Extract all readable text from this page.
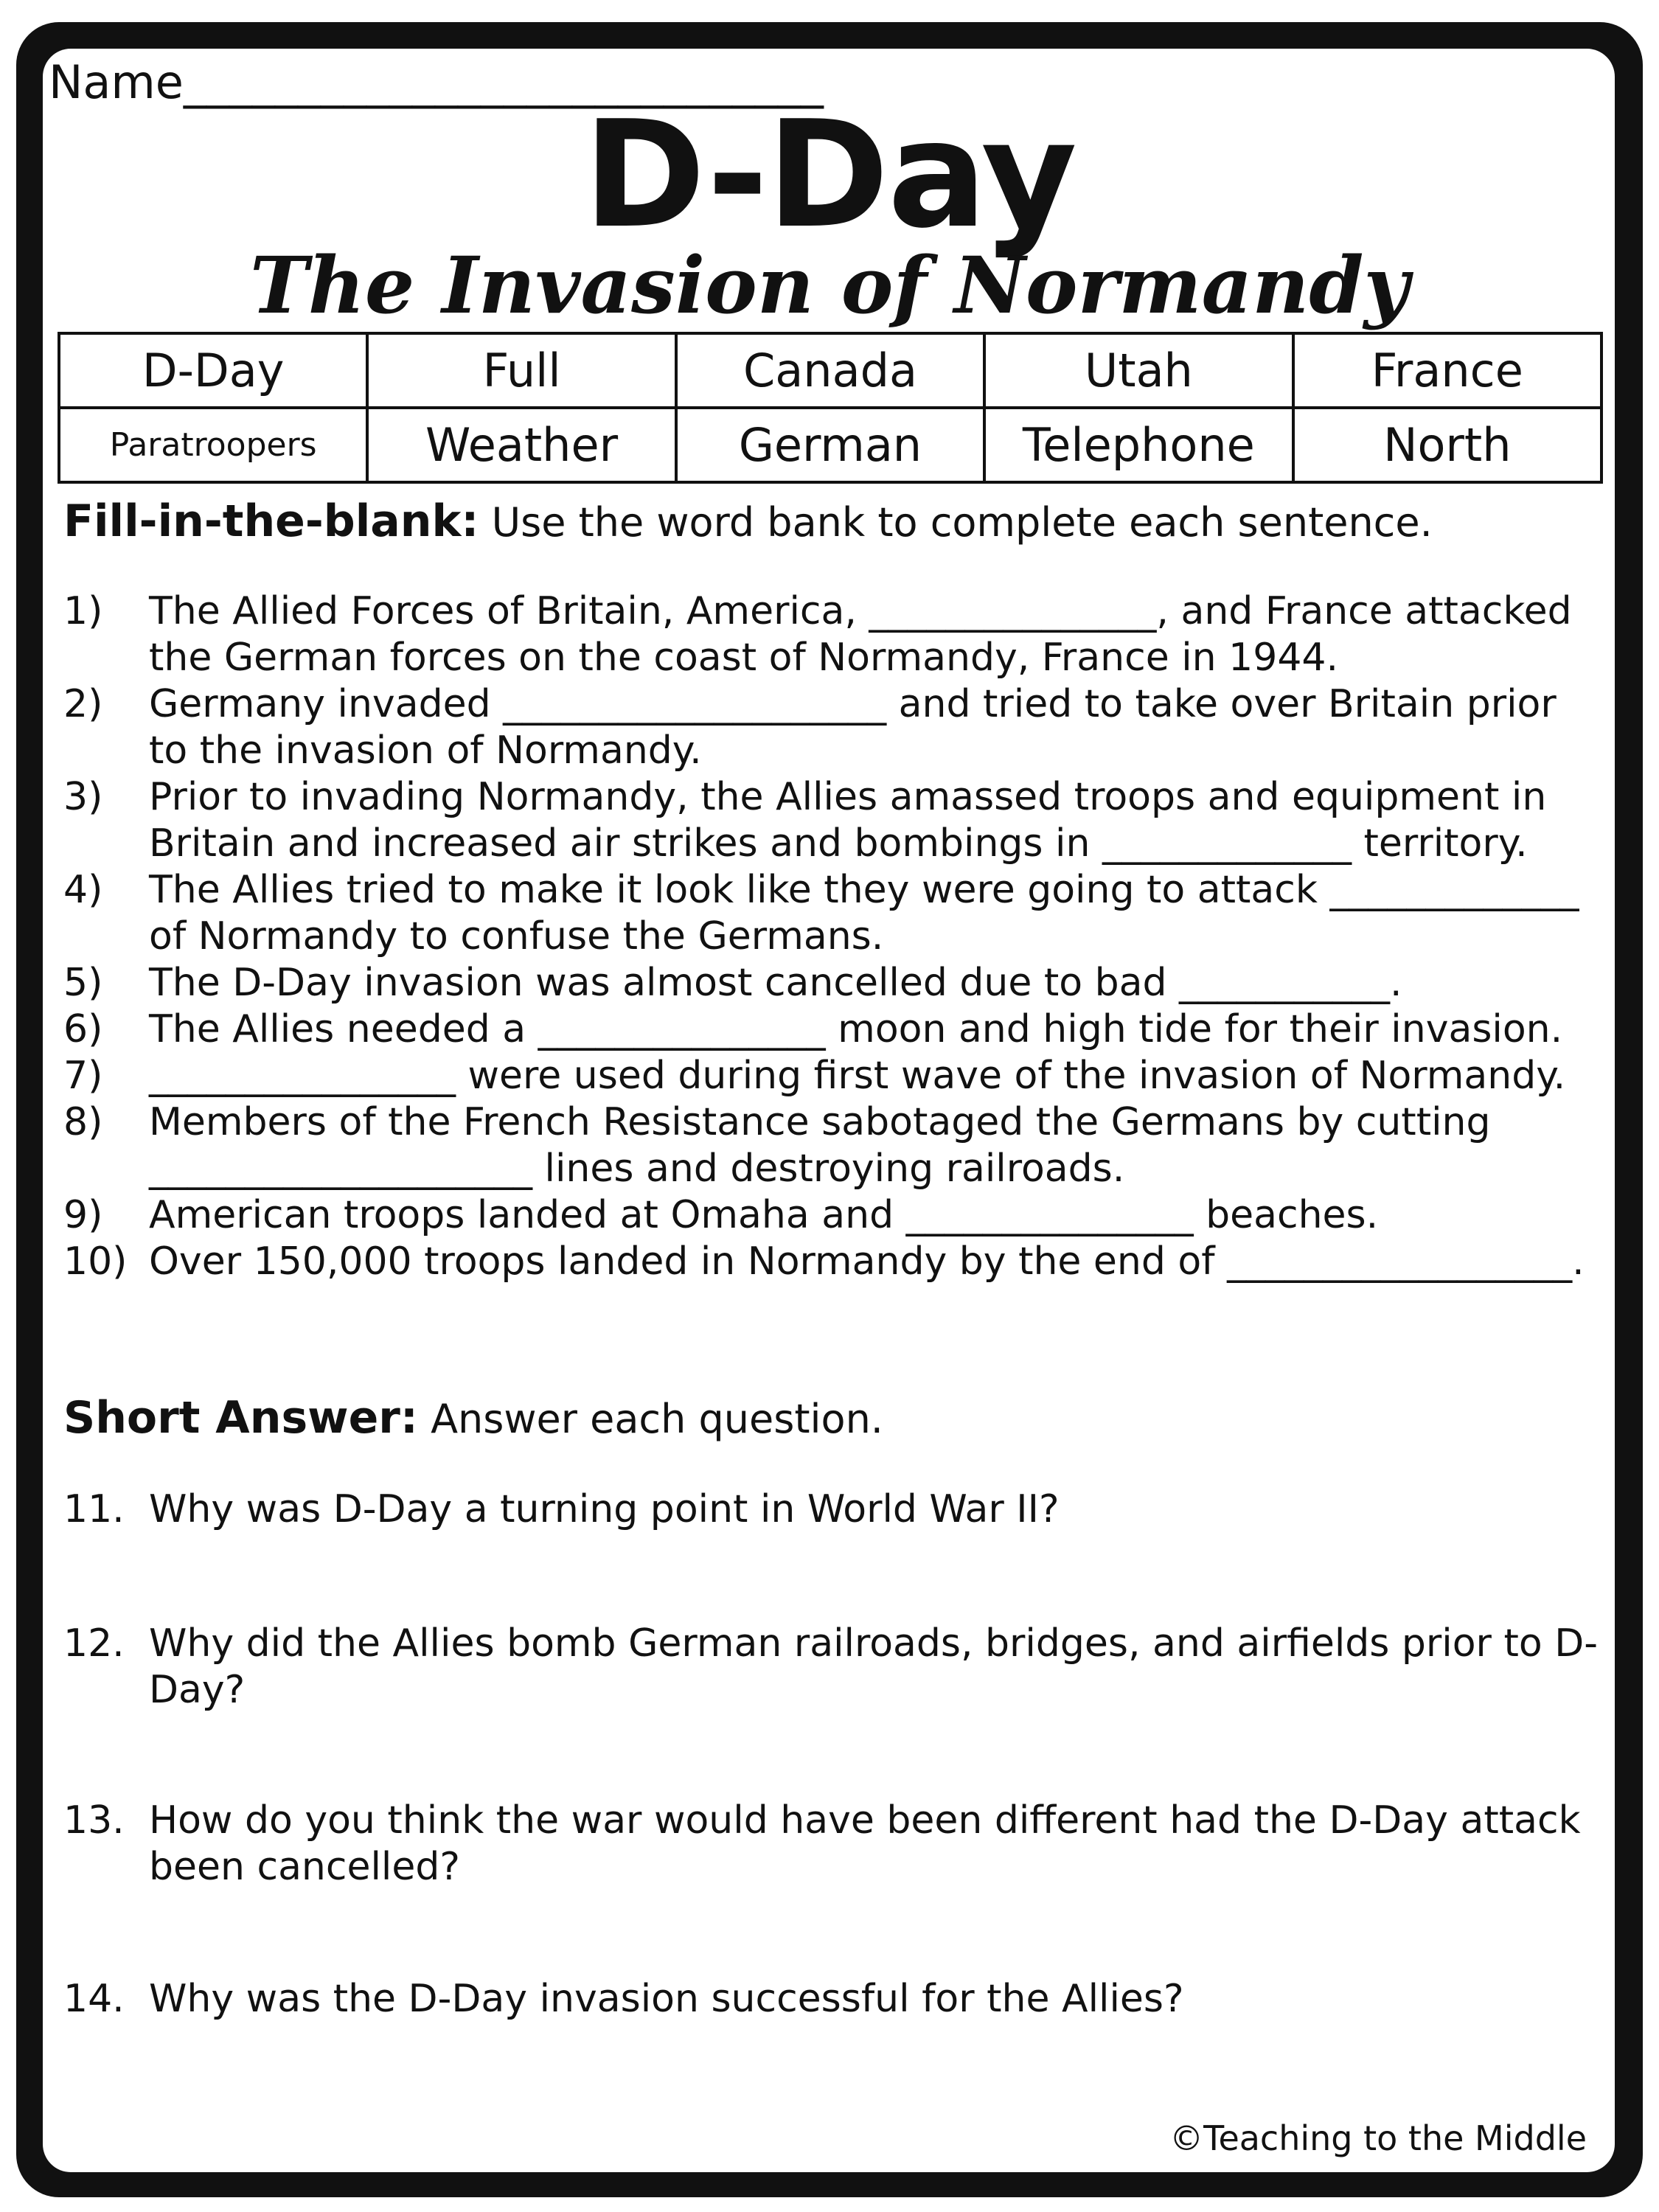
Name____________________________
D-Day
The Invasion of Normandy
D-Day	Full	Canada	Utah	France
Paratroopers	Weather	German	Telephone	North
Fill-in-the-blank: Use the word bank to complete each sentence.
1) The Allied Forces of Britain, America, _______________, and France attacked the German forces on the coast of Normandy, France in 1944.
2) Germany invaded ____________________ and tried to take over Britain prior to the invasion of Normandy.
3) Prior to invading Normandy, the Allies amassed troops and equipment in Britain and increased air strikes and bombings in _____________ territory.
4) The Allies tried to make it look like they were going to attack _____________ of Normandy to confuse the Germans.
5) The D-Day invasion was almost cancelled due to bad ___________.
6) The Allies needed a _______________ moon and high tide for their invasion.
7) ________________ were used during first wave of the invasion of Normandy.
8) Members of the French Resistance sabotaged the Germans by cutting ____________________ lines and destroying railroads.
9) American troops landed at Omaha and _______________ beaches.
10) Over 150,000 troops landed in Normandy by the end of __________________.
Short Answer: Answer each question.
11. Why was D-Day a turning point in World War II?
12. Why did the Allies bomb German railroads, bridges, and airfields prior to D-Day?
13. How do you think the war would have been different had the D-Day attack been cancelled?
14. Why was the D-Day invasion successful for the Allies?
©Teaching to the Middle
